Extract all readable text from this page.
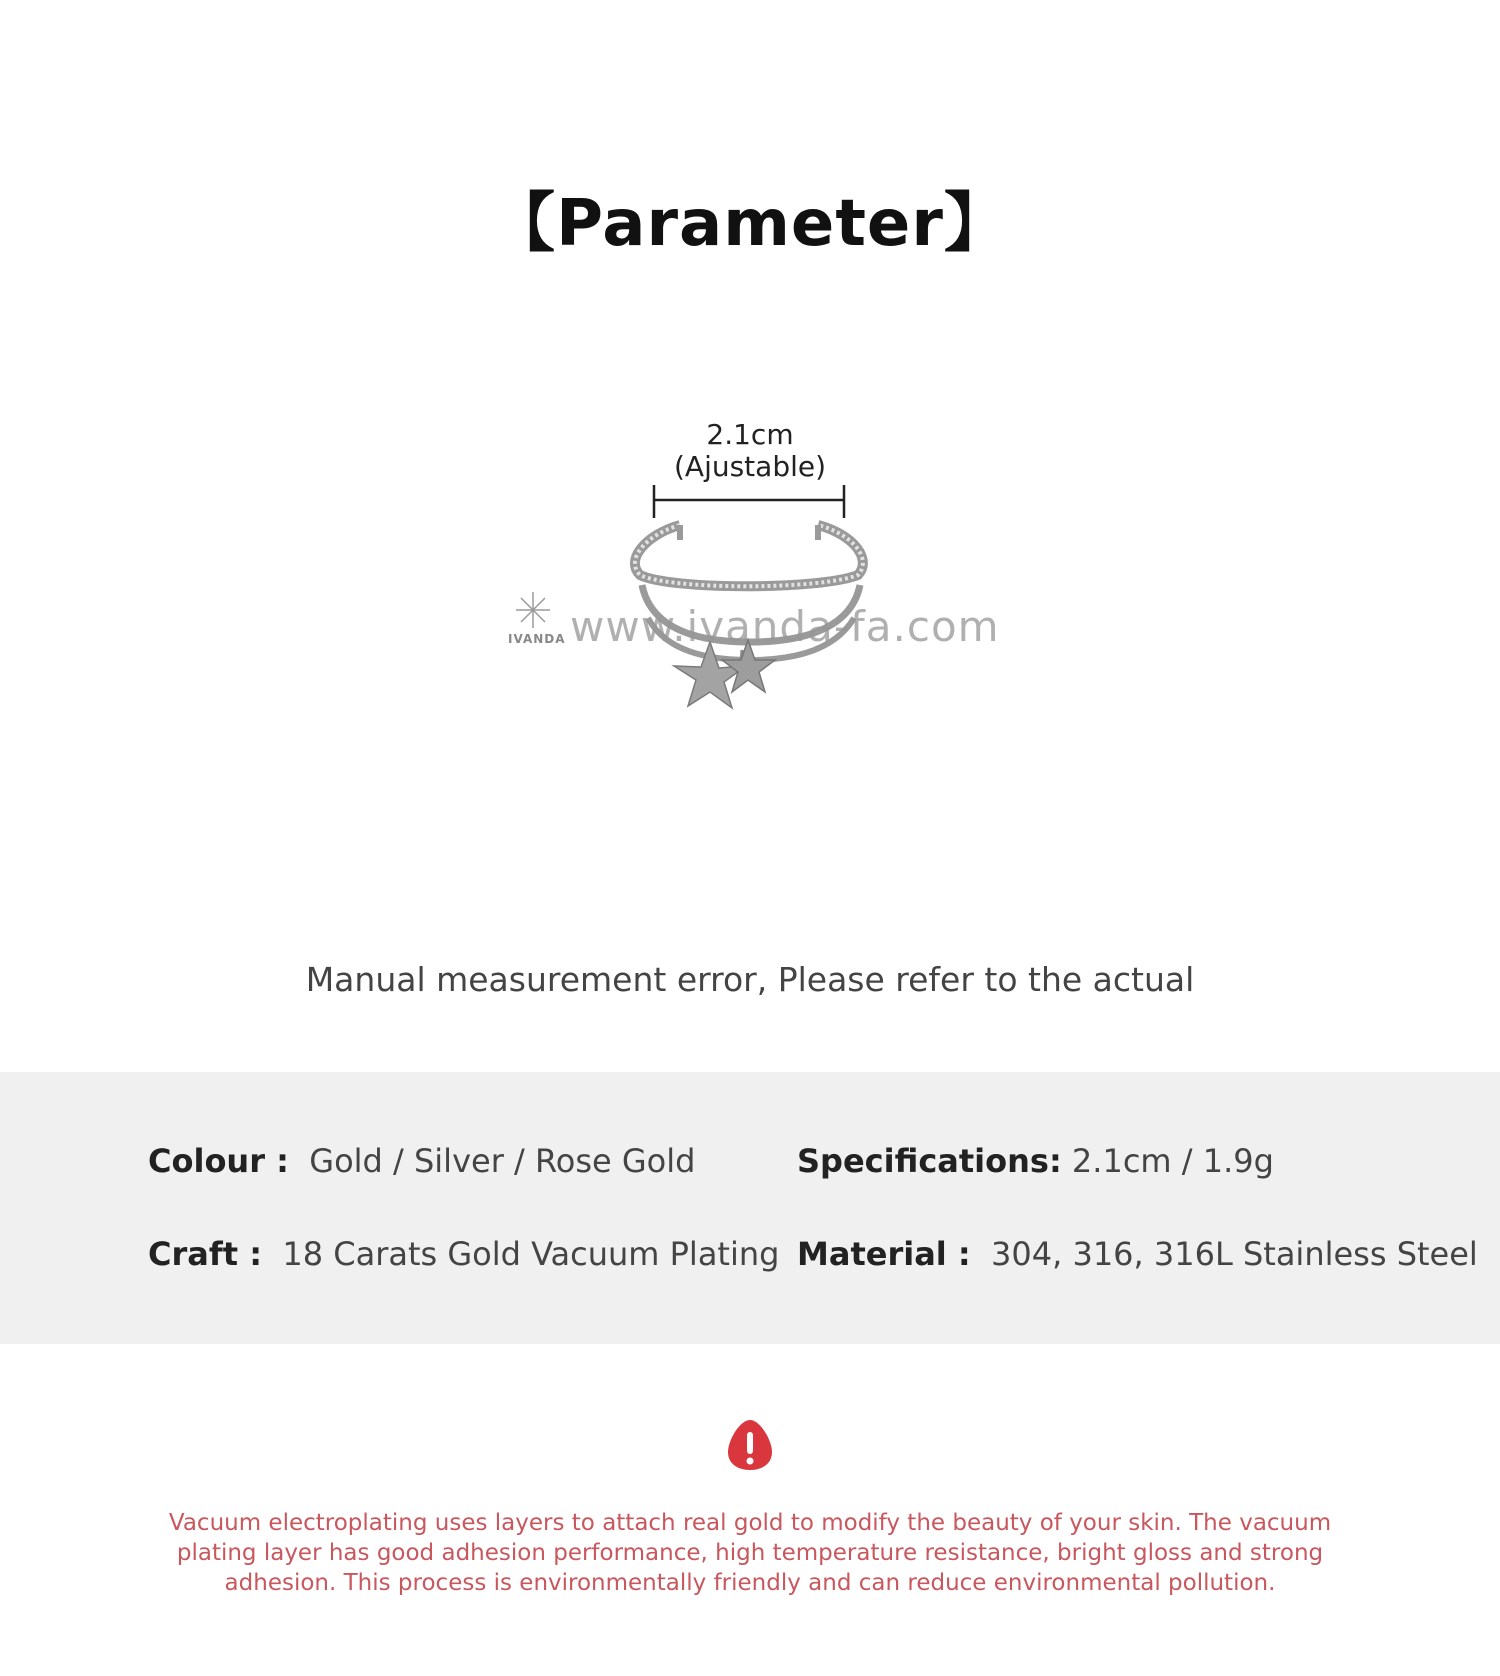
【Parameter】
2.1cm
(Ajustable)
IVANDA www.ivanda-fa.com
Manual measurement error, Please refer to the actual
Colour : Gold / Silver / Rose Gold	Specifications: 2.1cm / 1.9g
Craft : 18 Carats Gold Vacuum Plating Material : 304, 316, 316L Stainless Steel
Vacuum electroplating uses layers to attach real gold to modify the beauty of your skin. The vacuum plating layer has good adhesion performance, high temperature resistance, bright gloss and strong adhesion. This process is environmentally friendly and can reduce environmental pollution.
